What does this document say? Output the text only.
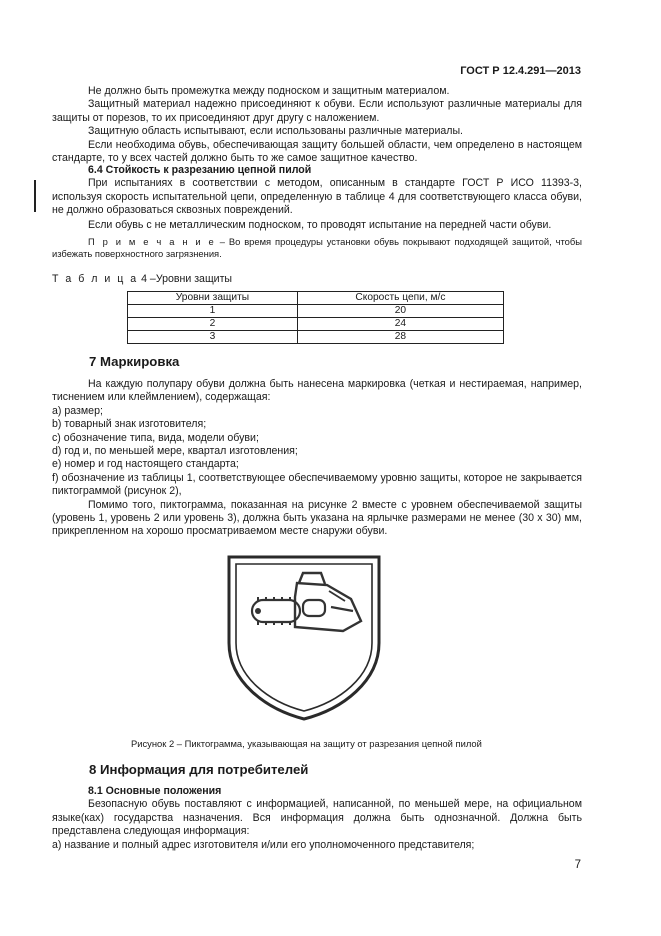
ГОСТ Р 12.4.291—2013

Не должно быть промежутка между подноском и защитным материалом.

Защитный материал надежно присоединяют к обуви. Если используют различные материалы для защиты от порезов, то их присоединяют друг другу с наложением.

Защитную область испытывают, если использованы различные материалы.

Если необходима обувь, обеспечивающая защиту большей области, чем определено в настоящем стандарте, то у всех частей должно быть то же самое защитное качество.

6.4 Стойкость к разрезанию цепной пилой

При испытаниях в соответствии с методом, описанным в стандарте ГОСТ Р ИСО 11393-3, используя скорость испытательной цепи, определенную в таблице 4 для соответствующего класса обуви, не должно образоваться сквозных повреждений.

Если обувь с не металлическим подноском, то проводят испытание на передней части обуви.

П р и м е ч а н и е – Во время процедуры установки обувь покрывают подходящей защитой, чтобы избежать поверхностного загрязнения.

Т а б л и ц а 4 –Уровни защиты
Уровни защиты	Скорость цепи, м/с
1	20
2	24
3	28
7 Маркировка

На каждую полупару обуви должна быть нанесена маркировка (четкая и нестираемая, например, тиснением или клеймлением), содержащая:

a) размер;

b) товарный знак изготовителя;

c) обозначение типа, вида, модели обуви;

d) год и, по меньшей мере, квартал изготовления;

e) номер и год настоящего стандарта;

f) обозначение из таблицы 1, соответствующее обеспечиваемому уровню защиты, которое не закрывается пиктограммой (рисунок 2),

Помимо того, пиктограмма, показанная на рисунке 2 вместе с уровнем обеспечиваемой защиты (уровень 1, уровень 2 или уровень 3), должна быть указана на ярлычке размерами не менее (30 х 30) мм, прикрепленном на хорошо просматриваемом месте снаружи обуви.

Рисунок 2 – Пиктограмма, указывающая на защиту от разрезания цепной пилой
8 Информация для потребителей

8.1 Основные положения

Безопасную обувь поставляют с информацией, написанной, по меньшей мере, на официальном языке(ках) государства назначения. Вся информация должна быть однозначной. Должна быть представлена следующая информация:

a) название и полный адрес изготовителя и/или его уполномоченного представителя;

7
